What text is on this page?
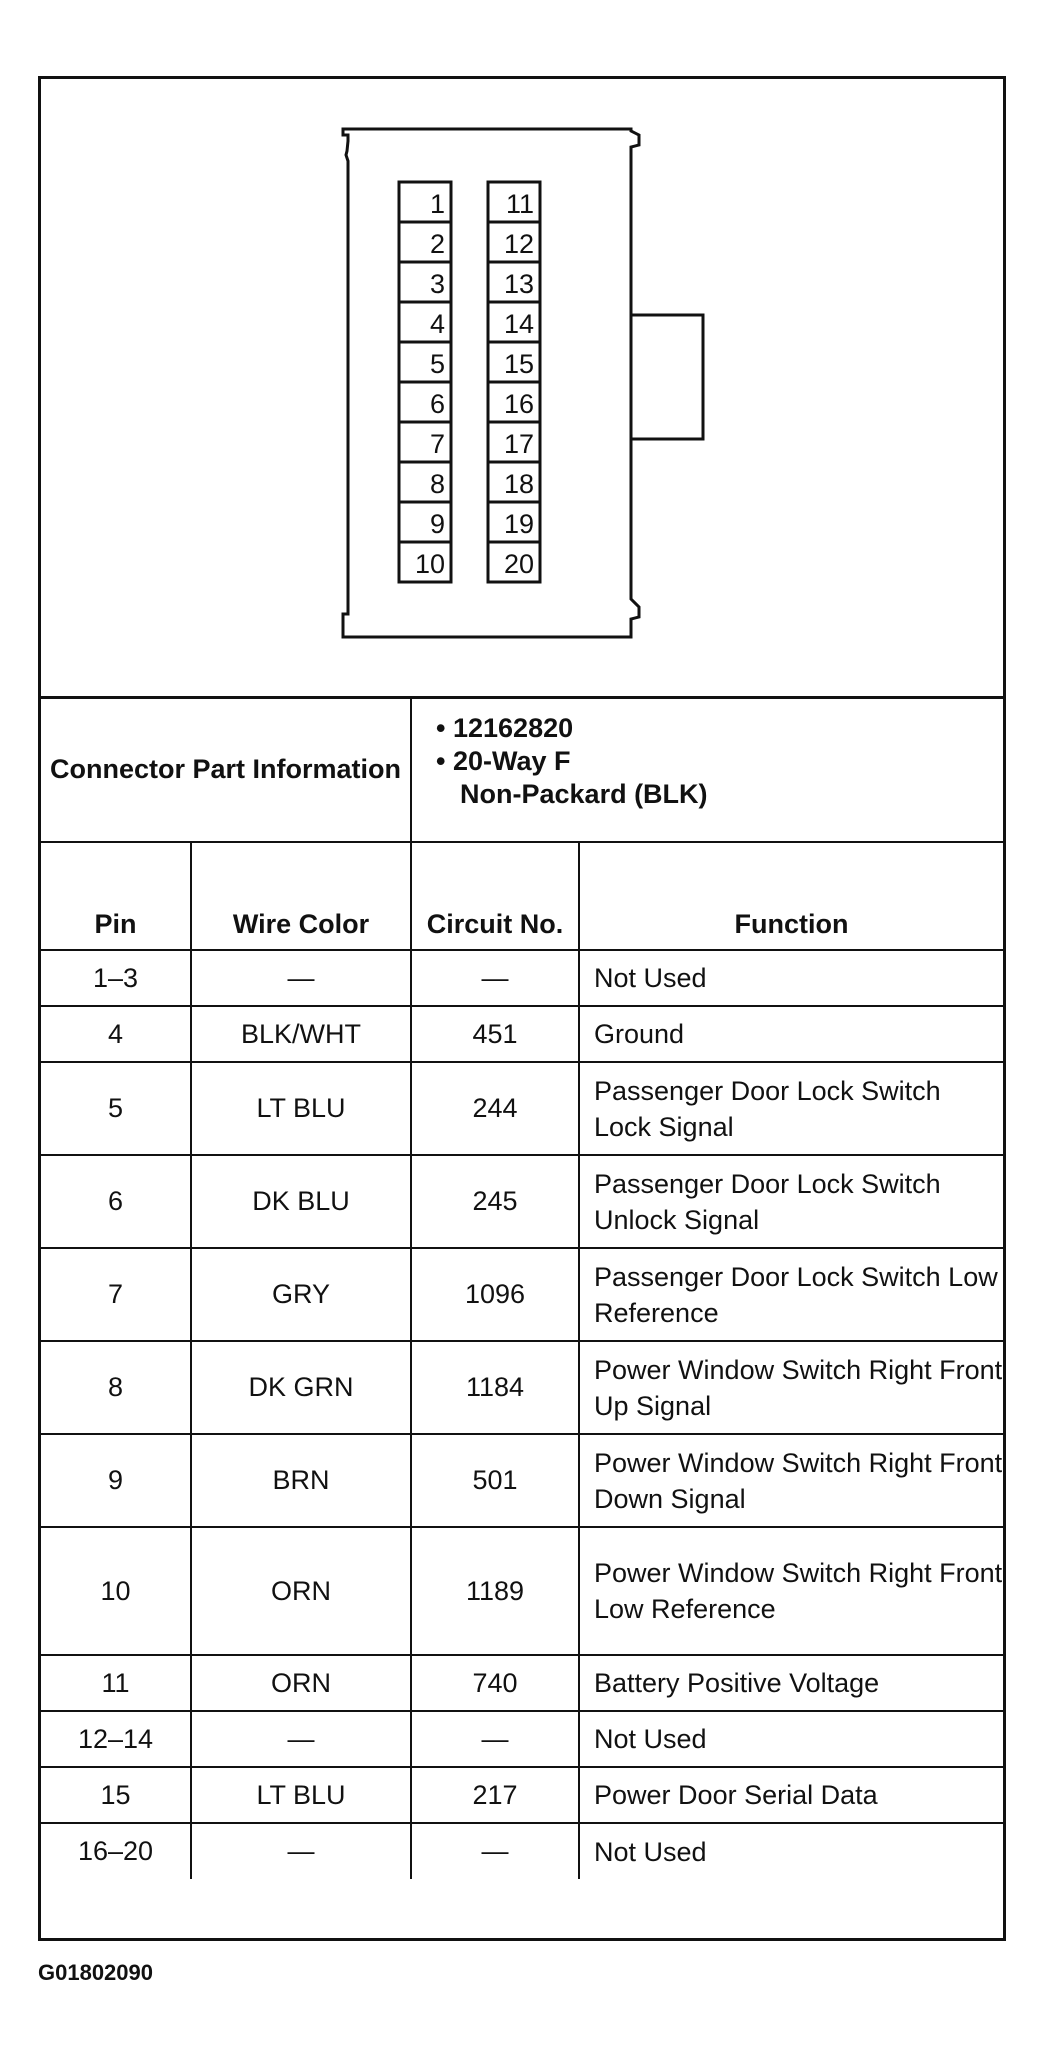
1
2
3
4
5
6
7
8
9
10
11
12
13
14
15
16
17
18
19
20
Connector Part Information		• 12162820
• 20-Way F
Non-Packard (BLK)	

Pin	Wire Color	Circuit No.	Function
1–3	—	—	Not Used
4	BLK/WHT	451	Ground
5	LT BLU	244	Passenger Door Lock Switch Lock Signal
6	DK BLU	245	Passenger Door Lock Switch Unlock Signal
7	GRY	1096	Passenger Door Lock Switch Low Reference
8	DK GRN	1184	Power Window Switch Right Front Up Signal
9	BRN	501	Power Window Switch Right Front Down Signal
10	ORN	1189	Power Window Switch Right Front Low Reference
11	ORN	740	Battery Positive Voltage
12–14	—	—	Not Used
15	LT BLU	217	Power Door Serial Data
16–20	—	—	Not Used
G01802090
